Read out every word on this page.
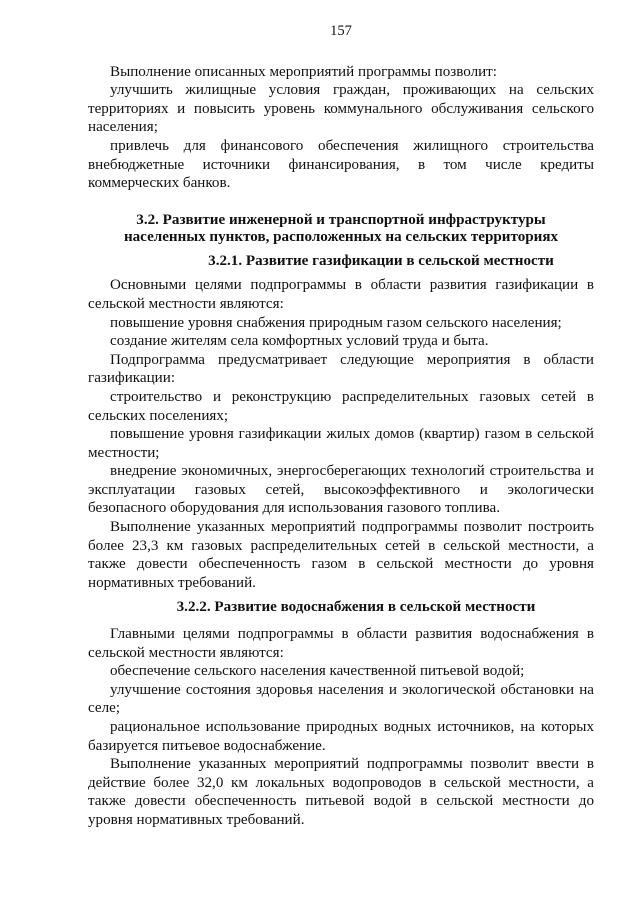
157

Выполнение описанных мероприятий программы позволит:

улучшить жилищные условия граждан, проживающих на сельских территориях и повысить уровень коммунального обслуживания сельского населения;

привлечь для финансового обеспечения жилищного строительства внебюджетные источники финансирования, в том числе кредиты коммерческих банков.

3.2. Развитие инженерной и транспортной инфраструктуры населенных пунктов, расположенных на сельских территориях

3.2.1. Развитие газификации в сельской местности

Основными целями подпрограммы в области развития газификации в сельской местности являются:

повышение уровня снабжения природным газом сельского населения;

создание жителям села комфортных условий труда и быта.

Подпрограмма предусматривает следующие мероприятия в области газификации:

строительство и реконструкцию распределительных газовых сетей в сельских поселениях;

повышение уровня газификации жилых домов (квартир) газом в сельской местности;

внедрение экономичных, энергосберегающих технологий строительства и эксплуатации газовых сетей, высокоэффективного и экологически безопасного оборудования для использования газового топлива.

Выполнение указанных мероприятий подпрограммы позволит построить более 23,3 км газовых распределительных сетей в сельской местности, а также довести обеспеченность газом в сельской местности до уровня нормативных требований.

3.2.2. Развитие водоснабжения в сельской местности

Главными целями подпрограммы в области развития водоснабжения в сельской местности являются:

обеспечение сельского населения качественной питьевой водой;

улучшение состояния здоровья населения и экологической обстановки на селе;

рациональное использование природных водных источников, на которых базируется питьевое водоснабжение.

Выполнение указанных мероприятий подпрограммы позволит ввести в действие более 32,0 км локальных водопроводов в сельской местности, а также довести обеспеченность питьевой водой в сельской местности до уровня нормативных требований.
